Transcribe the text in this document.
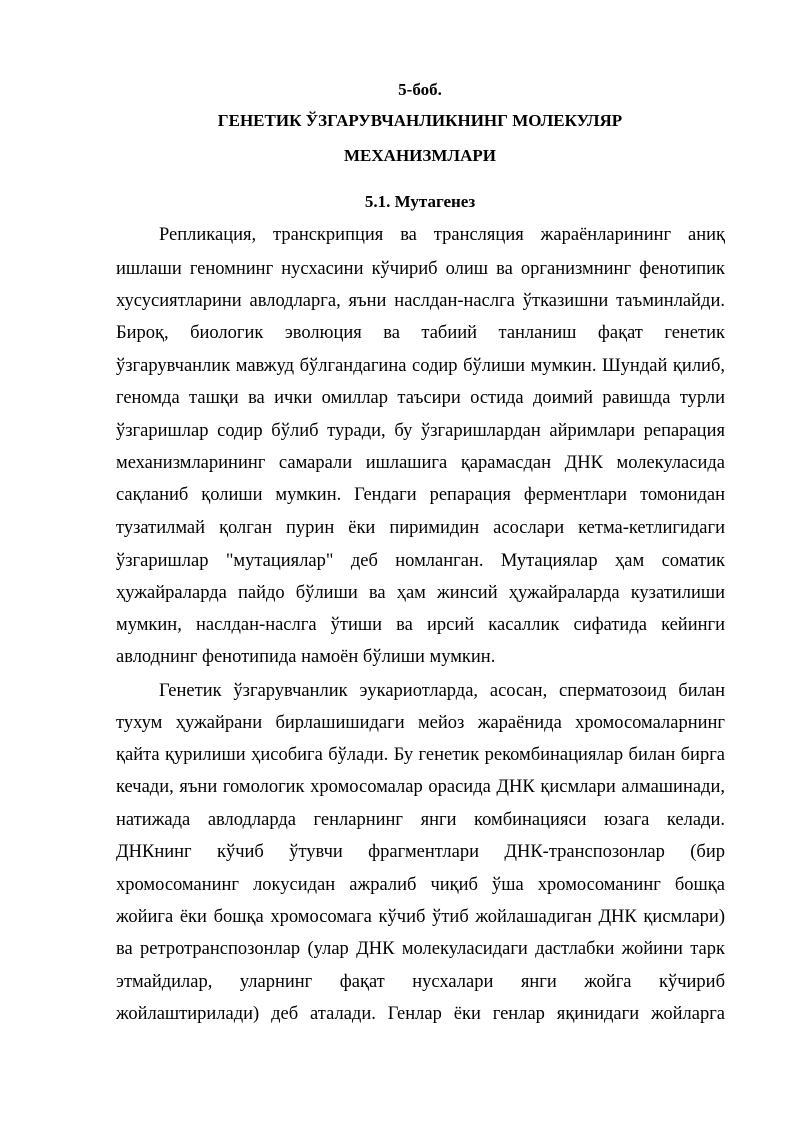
5-боб.
ГЕНЕТИК ЎЗГАРУВЧАНЛИКНИНГ МОЛЕКУЛЯР
МЕХАНИЗМЛАРИ
5.1. Мутагенез
Репликация, транскрипция ва трансляция жараёнларининг аниқ
ишлаши геномнинг нусхасини кўчириб олиш ва организмнинг фенотипик
хусусиятларини авлодларга, яъни наслдан-наслга ўтказишни таъминлайди.
Бироқ, биологик эволюция ва табиий танланиш фақат генетик
ўзгарувчанлик мавжуд бўлгандагина содир бўлиши мумкин. Шундай қилиб,
геномда ташқи ва ички омиллар таъсири остида доимий равишда турли
ўзгаришлар содир бўлиб туради, бу ўзгаришлардан айримлари репарация
механизмларининг самарали ишлашига қарамасдан ДНК молекуласида
сақланиб қолиши мумкин. Гендаги репарация ферментлари томонидан
тузатилмай қолган пурин ёки пиримидин асослари кетма-кетлигидаги
ўзгаришлар "мутациялар" деб номланган. Мутациялар ҳам соматик
ҳужайраларда пайдо бўлиши ва ҳам жинсий ҳужайраларда кузатилиши
мумкин, наслдан-наслга ўтиши ва ирсий касаллик сифатида кейинги
авлоднинг фенотипида намоён бўлиши мумкин.
Генетик ўзгарувчанлик эукариотларда, асосан, сперматозоид билан
тухум ҳужайрани бирлашишидаги мейоз жараёнида хромосомаларнинг
қайта қурилиши ҳисобига бўлади. Бу генетик рекомбинациялар билан бирга
кечади, яъни гомологик хромосомалар орасида ДНК қисмлари алмашинади,
натижада авлодларда генларнинг янги комбинацияси юзага келади.
ДНКнинг кўчиб ўтувчи фрагментлари ДНК-транспозонлар (бир
хромосоманинг локусидан ажралиб чиқиб ўша хромосоманинг бошқа
жойига ёки бошқа хромосомага кўчиб ўтиб жойлашадиган ДНК қисмлари)
ва ретротранспозонлар (улар ДНК молекуласидаги дастлабки жойини тарк
этмайдилар, уларнинг фақат нусхалари янги жойга кўчириб
жойлаштирилади) деб аталади. Генлар ёки генлар яқинидаги жойларга
